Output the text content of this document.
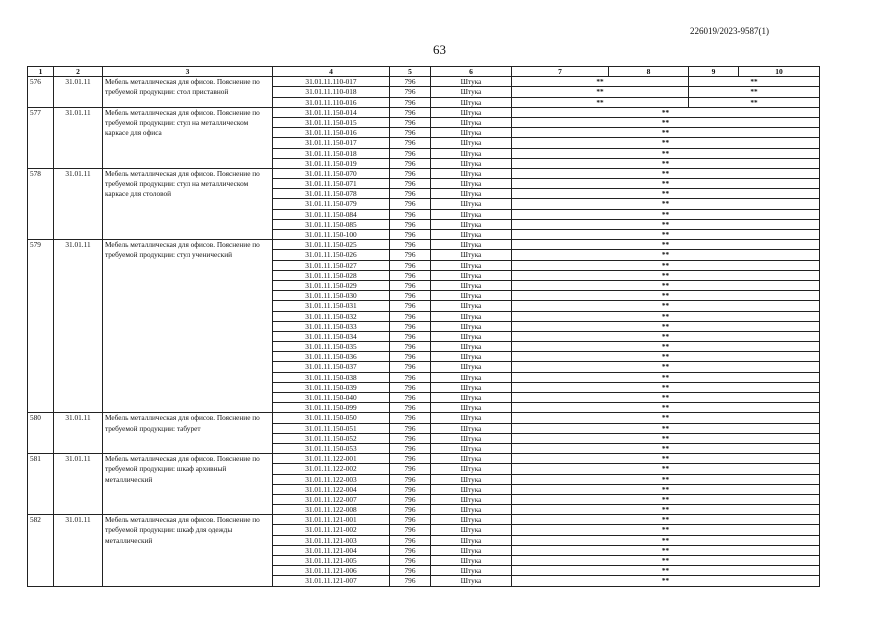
226019/2023-9587(1)
63
1	2	3	4	5	6	7	8	9	10
576	31.01.11	Мебель металлическая для офисов. Пояснение по требуемой продукции: стол приставной	31.01.11.110-017	796	Штука	**		**	
			31.01.11.110-018	796	Штука	**		**	
			31.01.11.110-016	796	Штука	**		**	
577	31.01.11	Мебель металлическая для офисов. Пояснение по требуемой продукции: стул на металлическом каркасе для офиса	31.01.11.150-014	796	Штука	**			
			31.01.11.150-015	796	Штука	**			
			31.01.11.150-016	796	Штука	**			
			31.01.11.150-017	796	Штука	**			
			31.01.11.150-018	796	Штука	**			
			31.01.11.150-019	796	Штука	**			
578	31.01.11	Мебель металлическая для офисов. Пояснение по требуемой продукции: стул на металлическом каркасе для столовой	31.01.11.150-070	796	Штука	**			
			31.01.11.150-071	796	Штука	**			
			31.01.11.150-078	796	Штука	**			
			31.01.11.150-079	796	Штука	**			
			31.01.11.150-084	796	Штука	**			
			31.01.11.150-085	796	Штука	**			
			31.01.11.150-100	796	Штука	**			
579	31.01.11	Мебель металлическая для офисов. Пояснение по требуемой продукции: стул ученический	31.01.11.150-025	796	Штука	**			
			31.01.11.150-026	796	Штука	**			
			31.01.11.150-027	796	Штука	**			
			31.01.11.150-028	796	Штука	**			
			31.01.11.150-029	796	Штука	**			
			31.01.11.150-030	796	Штука	**			
			31.01.11.150-031	796	Штука	**			
			31.01.11.150-032	796	Штука	**			
			31.01.11.150-033	796	Штука	**			
			31.01.11.150-034	796	Штука	**			
			31.01.11.150-035	796	Штука	**			
			31.01.11.150-036	796	Штука	**			
			31.01.11.150-037	796	Штука	**			
			31.01.11.150-038	796	Штука	**			
			31.01.11.150-039	796	Штука	**			
			31.01.11.150-040	796	Штука	**			
			31.01.11.150-099	796	Штука	**			
580	31.01.11	Мебель металлическая для офисов. Пояснение по требуемой продукции: табурет	31.01.11.150-050	796	Штука	**			
			31.01.11.150-051	796	Штука	**			
			31.01.11.150-052	796	Штука	**			
			31.01.11.150-053	796	Штука	**			
581	31.01.11	Мебель металлическая для офисов. Пояснение по требуемой продукции: шкаф архивный металлический	31.01.11.122-001	796	Штука	**			
			31.01.11.122-002	796	Штука	**			
			31.01.11.122-003	796	Штука	**			
			31.01.11.122-004	796	Штука	**			
			31.01.11.122-007	796	Штука	**			
			31.01.11.122-008	796	Штука	**			
582	31.01.11	Мебель металлическая для офисов. Пояснение по требуемой продукции: шкаф для одежды металлический	31.01.11.121-001	796	Штука	**			
			31.01.11.121-002	796	Штука	**			
			31.01.11.121-003	796	Штука	**			
			31.01.11.121-004	796	Штука	**			
			31.01.11.121-005	796	Штука	**			
			31.01.11.121-006	796	Штука	**			
			31.01.11.121-007	796	Штука	**			
